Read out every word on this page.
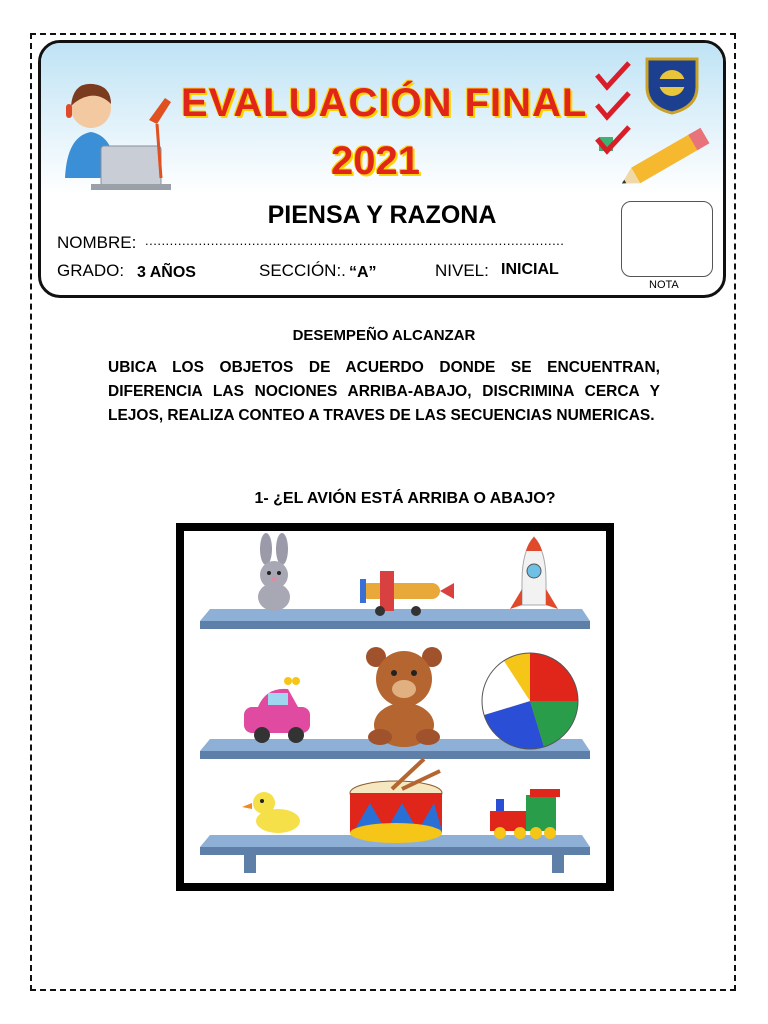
EVALUACIÓN FINAL
2021
PIENSA Y RAZONA
NOMBRE: ......................................................................................................
GRADO: 3 AÑOS	SECCIÓN:. “A”	NIVEL: INICIAL
NOTA
DESEMPEÑO ALCANZAR
UBICA LOS OBJETOS DE ACUERDO DONDE SE ENCUENTRAN, DIFERENCIA LAS NOCIONES ARRIBA-ABAJO, DISCRIMINA CERCA Y LEJOS, REALIZA CONTEO A TRAVES DE LAS SECUENCIAS NUMERICAS.
1- ¿EL AVIÓN ESTÁ ARRIBA O ABAJO?
